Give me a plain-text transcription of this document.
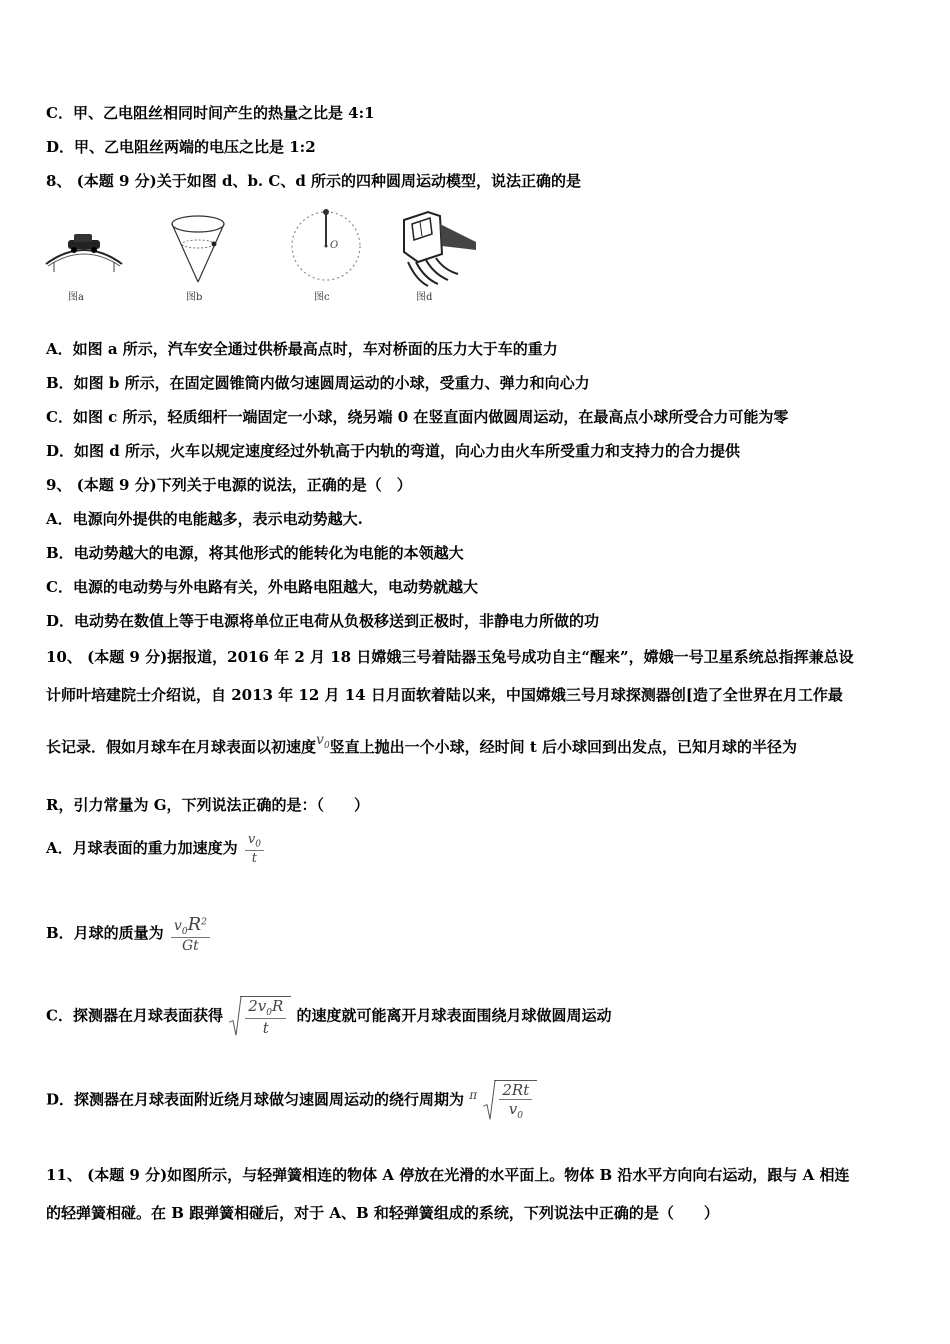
C．甲、乙电阻丝相同时间产生的热量之比是 4:1
D．甲、乙电阻丝两端的电压之比是 1:2
8、 (本题 9 分)关于如图 d、b. C、d 所示的四种圆周运动模型，说法正确的是
图a	图b
O
图c	图d
A．如图 a 所示，汽车安全通过供桥最高点时，车对桥面的压力大于车的重力
B．如图 b 所示，在固定圆锥筒内做匀速圆周运动的小球，受重力、弹力和向心力
C．如图 c 所示，轻质细杆一端固定一小球，绕另端 0 在竖直面内做圆周运动，在最高点小球所受合力可能为零
D．如图 d 所示，火车以规定速度经过外轨高于内轨的弯道，向心力由火车所受重力和支持力的合力提供
9、 (本题 9 分)下列关于电源的说法，正确的是（　）
A．电源向外提供的电能越多，表示电动势越大.
B．电动势越大的电源，将其他形式的能转化为电能的本领越大
C．电源的电动势与外电路有关，外电路电阻越大，电动势就越大
D．电动势在数值上等于电源将单位正电荷从负极移送到正极时，非静电力所做的功
10、 (本题 9 分)据报道，2016 年 2 月 18 日嫦娥三号着陆器玉兔号成功自主“醒来”，嫦娥一号卫星系统总指挥兼总设
计师叶培建院士介绍说，自 2013 年 12 月 14 日月面软着陆以来，中国嫦娥三号月球探测器创[造了全世界在月工作最
长记录．假如月球车在月球表面以初速度$v_0$竖直上抛出一个小球，经时间 t 后小球回到出发点，已知月球的半径为
R，引力常量为 G，下列说法正确的是：（　　）
A．月球表面的重力加速度为 $\frac{v_0}{t}$
B．月球的质量为 $\frac{v_0R^2}{Gt}$
C．探测器在月球表面获得 $\frac{2v_0R}{t}$ 的速度就可能离开月球表面围绕月球做圆周运动
D．探测器在月球表面附近绕月球做匀速圆周运动的绕行周期为 $^\pi \frac{2Rt}{v_0}$
11、 (本题 9 分)如图所示，与轻弹簧相连的物体 A 停放在光滑的水平面上。物体 B 沿水平方向向右运动，跟与 A 相连
的轻弹簧相碰。在 B 跟弹簧相碰后，对于 A、B 和轻弹簧组成的系统，下列说法中正确的是（　　）
